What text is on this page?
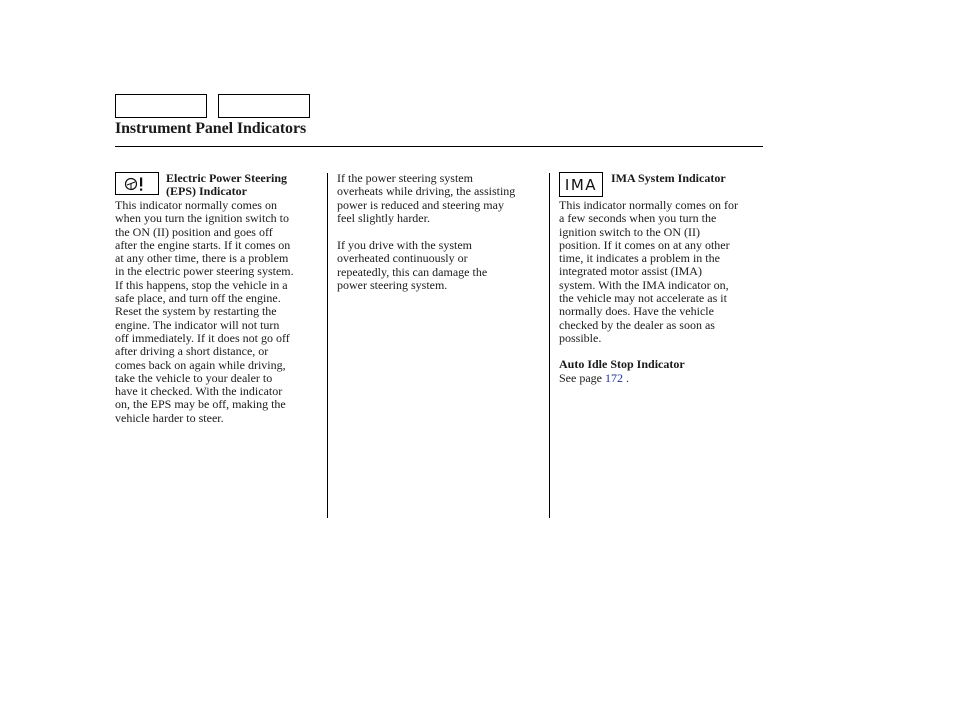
Instrument Panel Indicators
Electric Power Steering
(EPS) Indicator
This indicator normally comes on
when you turn the ignition switch to
the ON (II) position and goes off
after the engine starts. If it comes on
at any other time, there is a problem
in the electric power steering system.
If this happens, stop the vehicle in a
safe place, and turn off the engine.
Reset the system by restarting the
engine. The indicator will not turn
off immediately. If it does not go off
after driving a short distance, or
comes back on again while driving,
take the vehicle to your dealer to
have it checked. With the indicator
on, the EPS may be off, making the
vehicle harder to steer.
If the power steering system
overheats while driving, the assisting
power is reduced and steering may
feel slightly harder.
If you drive with the system
overheated continuously or
repeatedly, this can damage the
power steering system.
IMA IMA System Indicator
This indicator normally comes on for
a few seconds when you turn the
ignition switch to the ON (II)
position. If it comes on at any other
time, it indicates a problem in the
integrated motor assist (IMA)
system. With the IMA indicator on,
the vehicle may not accelerate as it
normally does. Have the vehicle
checked by the dealer as soon as
possible.
Auto Idle Stop Indicator
See page 172 .
